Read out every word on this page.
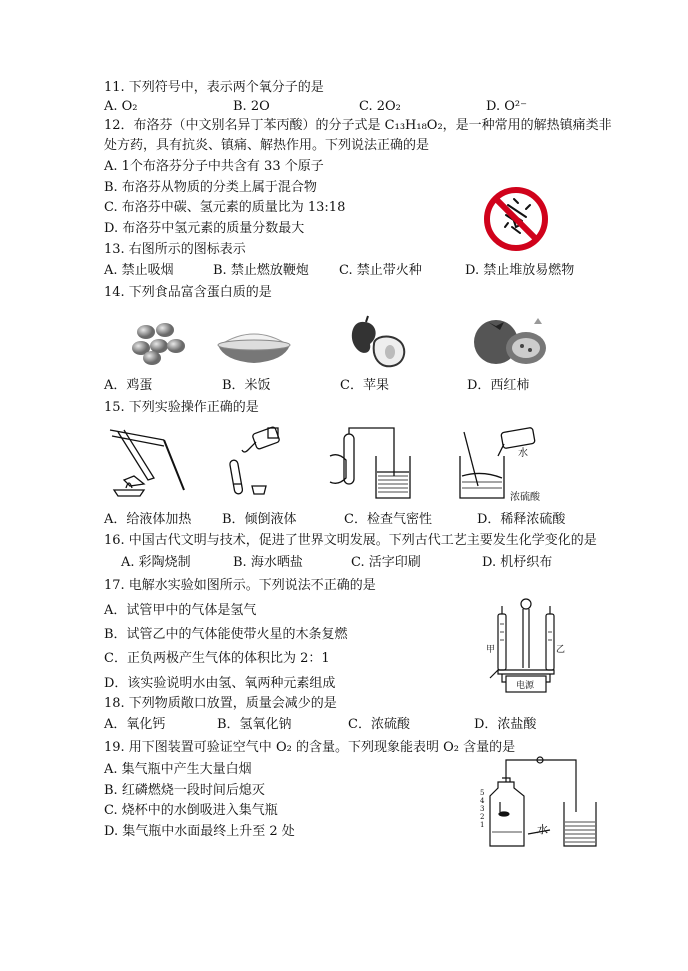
11. 下列符号中，表示两个氧分子的是
A. O₂	B. 2O	C. 2O₂	D. O²⁻
12．布洛芬（中文别名异丁苯丙酸）的分子式是 C₁₃H₁₈O₂，是一种常用的解热镇痛类非
处方药，具有抗炎、镇痛、解热作用。下列说法正确的是
A. 1个布洛芬分子中共含有 33 个原子
B. 布洛芬从物质的分类上属于混合物
C. 布洛芬中碳、氢元素的质量比为 13:18
D. 布洛芬中氢元素的质量分数最大
13. 右图所示的图标表示
A. 禁止吸烟	B. 禁止燃放鞭炮 C. 禁止带火种	D. 禁止堆放易燃物
14. 下列食品富含蛋白质的是
A．鸡蛋	B．米饭	C．苹果	D．西红柿
15. 下列实验操作正确的是
水
浓硫酸
A．给液体加热 B．倾倒液体	C．检查气密性	D．稀释浓硫酸
16. 中国古代文明与技术，促进了世界文明发展。下列古代工艺主要发生化学变化的是
A. 彩陶烧制	B. 海水晒盐	C. 活字印刷	D. 机杼织布
17. 电解水实验如图所示。下列说法不正确的是
A．试管甲中的气体是氢气
B．试管乙中的气体能使带火星的木条复燃
C．正负两极产生气体的体积比为 2：1
D．该实验说明水由氢、氧两种元素组成
甲	乙
电源
18. 下列物质敞口放置，质量会减少的是
A．氧化钙	B．氢氧化钠	C．浓硫酸	D．浓盐酸
19. 用下图装置可验证空气中 O₂ 的含量。下列现象能表明 O₂ 含量的是
A. 集气瓶中产生大量白烟
B. 红磷燃烧一段时间后熄灭
C. 烧杯中的水倒吸进入集气瓶
D. 集气瓶中水面最终上升至 2 处
5
4
3
2
1	水
